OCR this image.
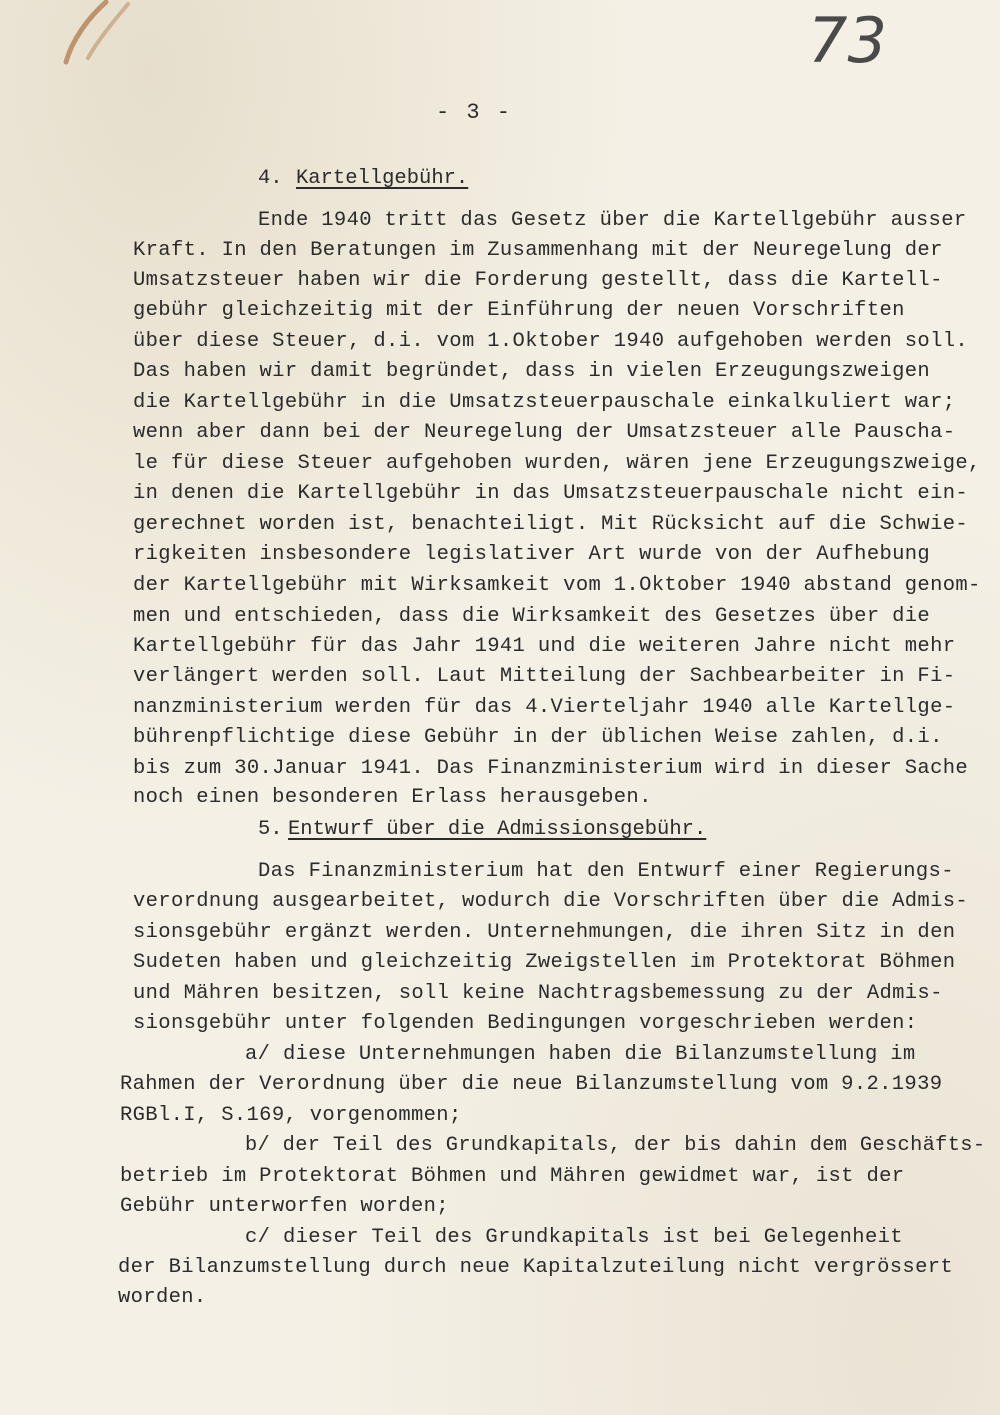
73
- 3 -
4. Kartellgebühr.
Ende 1940 tritt das Gesetz über die Kartellgebühr ausser
Kraft. In den Beratungen im Zusammenhang mit der Neuregelung der
Umsatzsteuer haben wir die Forderung gestellt, dass die Kartell-
gebühr gleichzeitig mit der Einführung der neuen Vorschriften
über diese Steuer, d.i. vom 1.Oktober 1940 aufgehoben werden soll.
Das haben wir damit begründet, dass in vielen Erzeugungszweigen
die Kartellgebühr in die Umsatzsteuerpauschale einkalkuliert war;
wenn aber dann bei der Neuregelung der Umsatzsteuer alle Pauscha-
le für diese Steuer aufgehoben wurden, wären jene Erzeugungszweige,
in denen die Kartellgebühr in das Umsatzsteuerpauschale nicht ein-
gerechnet worden ist, benachteiligt. Mit Rücksicht auf die Schwie-
rigkeiten insbesondere legislativer Art wurde von der Aufhebung
der Kartellgebühr mit Wirksamkeit vom 1.Oktober 1940 abstand genom-
men und entschieden, dass die Wirksamkeit des Gesetzes über die
Kartellgebühr für das Jahr 1941 und die weiteren Jahre nicht mehr
verlängert werden soll. Laut Mitteilung der Sachbearbeiter in Fi-
nanzministerium werden für das 4.Vierteljahr 1940 alle Kartellge-
bührenpflichtige diese Gebühr in der üblichen Weise zahlen, d.i.
bis zum 30.Januar 1941. Das Finanzministerium wird in dieser Sache
noch einen besonderen Erlass herausgeben.
5. Entwurf über die Admissionsgebühr.
Das Finanzministerium hat den Entwurf einer Regierungs-
verordnung ausgearbeitet, wodurch die Vorschriften über die Admis-
sionsgebühr ergänzt werden. Unternehmungen, die ihren Sitz in den
Sudeten haben und gleichzeitig Zweigstellen im Protektorat Böhmen
und Mähren besitzen, soll keine Nachtragsbemessung zu der Admis-
sionsgebühr unter folgenden Bedingungen vorgeschrieben werden:
a/ diese Unternehmungen haben die Bilanzumstellung im
Rahmen der Verordnung über die neue Bilanzumstellung vom 9.2.1939
RGBl.I, S.169, vorgenommen;
b/ der Teil des Grundkapitals, der bis dahin dem Geschäfts-
betrieb im Protektorat Böhmen und Mähren gewidmet war, ist der
Gebühr unterworfen worden;
c/ dieser Teil des Grundkapitals ist bei Gelegenheit
der Bilanzumstellung durch neue Kapitalzuteilung nicht vergrössert
worden.
